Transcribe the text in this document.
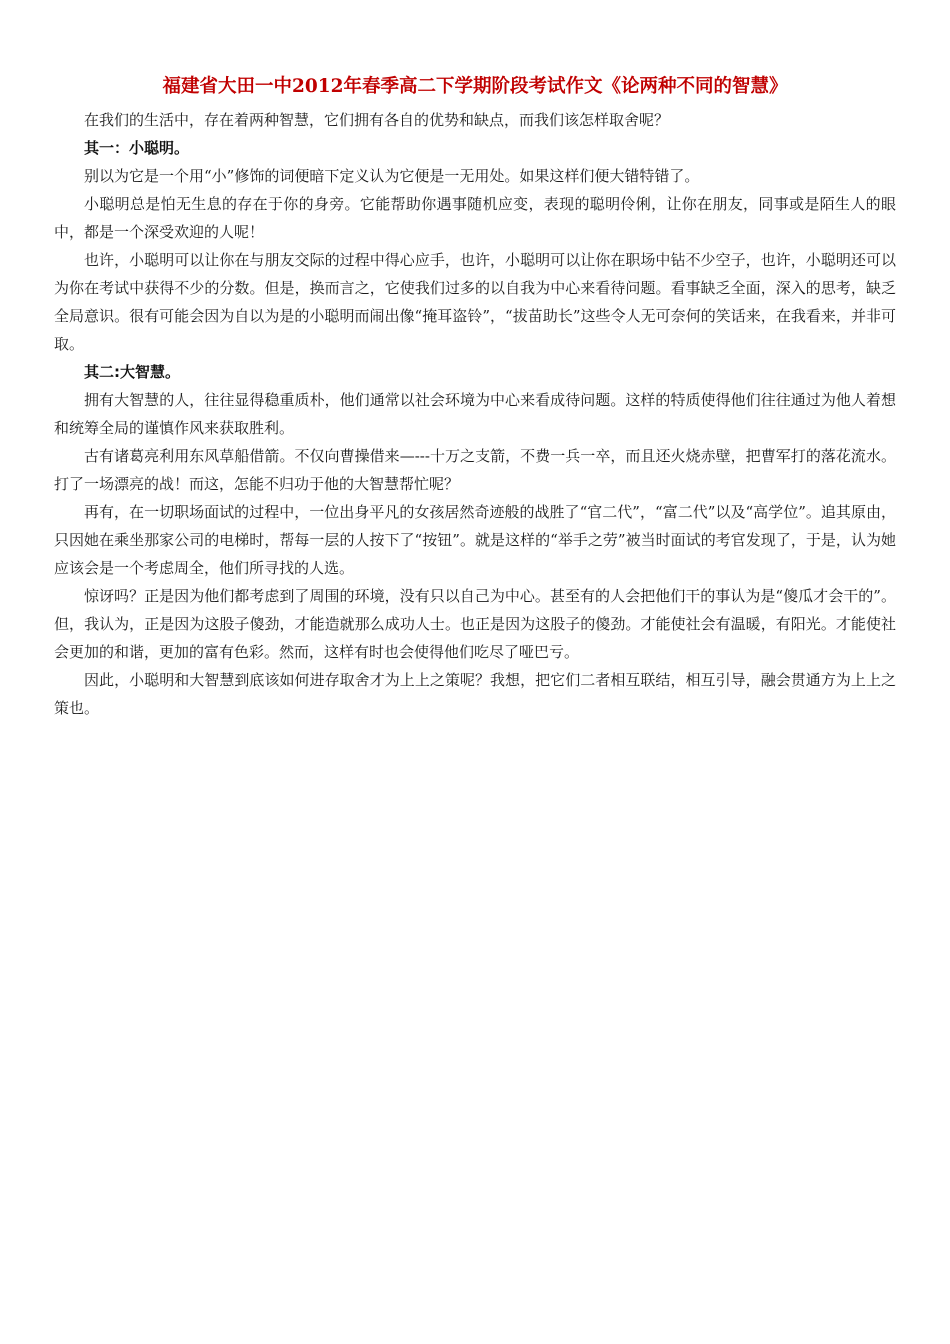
福建省大田一中2012年春季高二下学期阶段考试作文《论两种不同的智慧》

在我们的生活中，存在着两种智慧，它们拥有各自的优势和缺点，而我们该怎样取舍呢？

其一：小聪明。

别以为它是一个用“小”修饰的词便暗下定义认为它便是一无用处。如果这样们便大错特错了。

小聪明总是怕无生息的存在于你的身旁。它能帮助你遇事随机应变，表现的聪明伶俐，让你在朋友，同事或是陌生人的眼中，都是一个深受欢迎的人呢！

也许，小聪明可以让你在与朋友交际的过程中得心应手，也许，小聪明可以让你在职场中钻不少空子，也许，小聪明还可以为你在考试中获得不少的分数。但是，换而言之，它使我们过多的以自我为中心来看待问题。看事缺乏全面，深入的思考，缺乏全局意识。很有可能会因为自以为是的小聪明而闹出像“掩耳盗铃”，“拔苗助长”这些令人无可奈何的笑话来，在我看来，并非可取。

其二:大智慧。

拥有大智慧的人，往往显得稳重质朴，他们通常以社会环境为中心来看成待问题。这样的特质使得他们往往通过为他人着想和统筹全局的谨慎作风来获取胜利。

古有诸葛亮利用东风草船借箭。不仅向曹操借来—---十万之支箭，不费一兵一卒，而且还火烧赤壁，把曹军打的落花流水。打了一场漂亮的战！而这，怎能不归功于他的大智慧帮忙呢？

再有，在一切职场面试的过程中，一位出身平凡的女孩居然奇迹般的战胜了“官二代”，“富二代”以及“高学位”。追其原由，只因她在乘坐那家公司的电梯时，帮每一层的人按下了“按钮”。就是这样的“举手之劳”被当时面试的考官发现了，于是，认为她应该会是一个考虑周全，他们所寻找的人选。

惊讶吗？正是因为他们都考虑到了周围的环境，没有只以自己为中心。甚至有的人会把他们干的事认为是“傻瓜才会干的”。但，我认为，正是因为这股子傻劲，才能造就那么成功人士。也正是因为这股子的傻劲。才能使社会有温暖，有阳光。才能使社会更加的和谐，更加的富有色彩。然而，这样有时也会使得他们吃尽了哑巴亏。

因此，小聪明和大智慧到底该如何进存取舍才为上上之策呢？我想，把它们二者相互联结，相互引导，融会贯通方为上上之策也。
